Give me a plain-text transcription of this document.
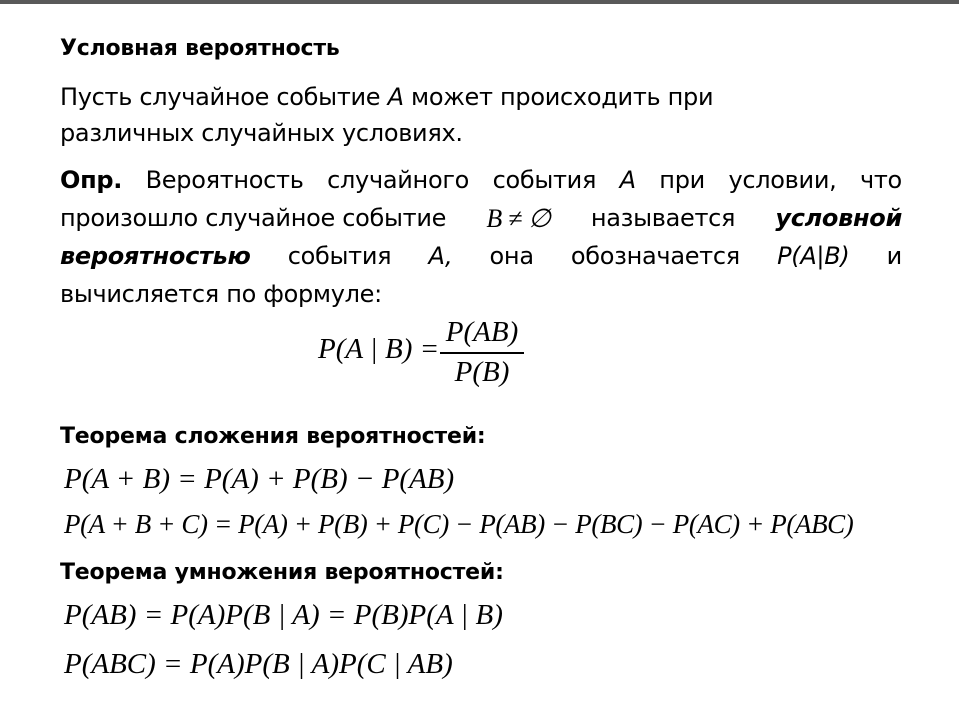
Условная вероятность
Пусть случайное событие A может происходить при
различных случайных условиях.
Опр. Вероятность случайного события A при условии, что
произошло случайное событие B ≠ ∅ называется условной
вероятностью события A, она обозначается P(A|B) и
вычисляется по формуле:
P(A | B) =
P(AB)
P(B)
Теорема сложения вероятностей:
P(A + B) = P(A) + P(B) − P(AB)
P(A + B + C) = P(A) + P(B) + P(C) − P(AB) − P(BC) − P(AC) + P(ABC)
Теорема умножения вероятностей:
P(AB) = P(A)P(B | A) = P(B)P(A | B)
P(ABC) = P(A)P(B | A)P(C | AB)
